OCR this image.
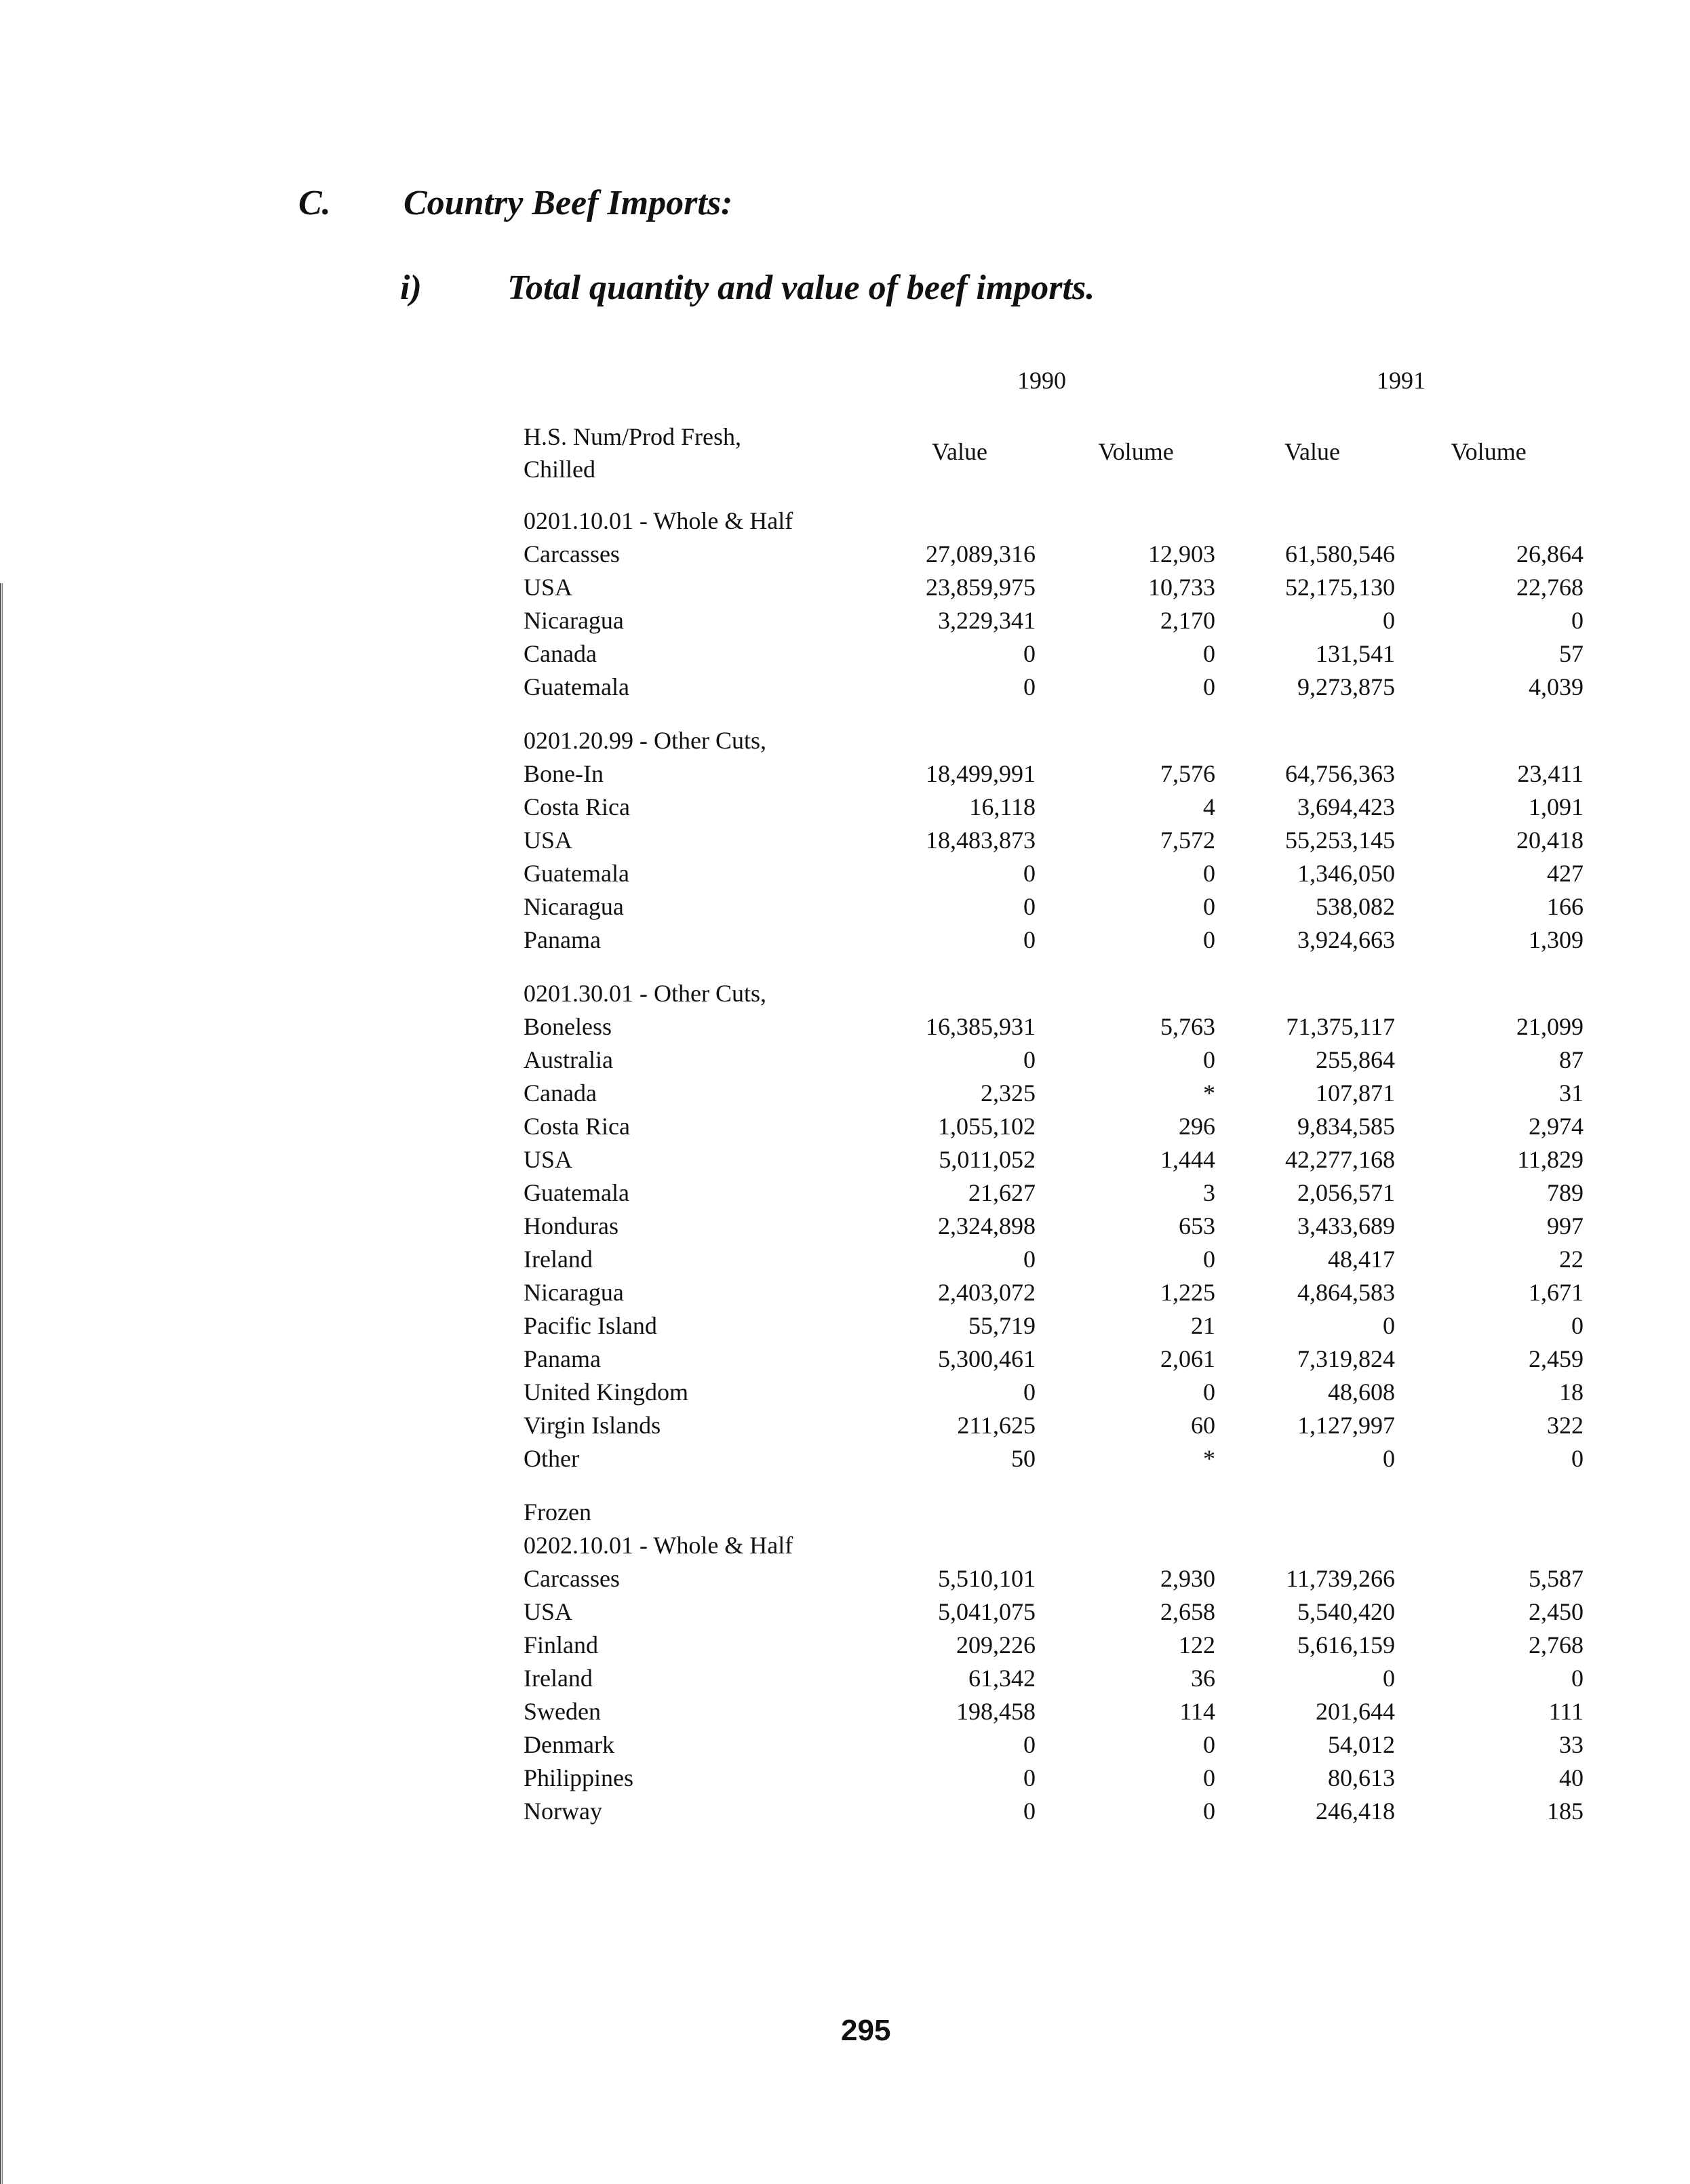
C. Country Beef Imports:
i) Total quantity and value of beef imports.
1990	1991
H.S. Num/Prod Fresh,
Chilled
Value	Volume	Value	Volume
0201.10.01 - Whole & Half
Carcasses	27,089,316	12,903	61,580,546	26,864
USA	23,859,975	10,733	52,175,130	22,768
Nicaragua	3,229,341	2,170	0	0
Canada	0	0	131,541	57
Guatemala	0	0	9,273,875	4,039
0201.20.99 - Other Cuts,
Bone-In	18,499,991	7,576	64,756,363	23,411
Costa Rica	16,118	4	3,694,423	1,091
USA	18,483,873	7,572	55,253,145	20,418
Guatemala	0	0	1,346,050	427
Nicaragua	0	0	538,082	166
Panama	0	0	3,924,663	1,309
0201.30.01 - Other Cuts,
Boneless	16,385,931	5,763	71,375,117	21,099
Australia	0	0	255,864	87
Canada	2,325	*	107,871	31
Costa Rica	1,055,102	296	9,834,585	2,974
USA	5,011,052	1,444	42,277,168	11,829
Guatemala	21,627	3	2,056,571	789
Honduras	2,324,898	653	3,433,689	997
Ireland	0	0	48,417	22
Nicaragua	2,403,072	1,225	4,864,583	1,671
Pacific Island	55,719	21	0	0
Panama	5,300,461	2,061	7,319,824	2,459
United Kingdom	0	0	48,608	18
Virgin Islands	211,625	60	1,127,997	322
Other	50	*	0	0
Frozen
0202.10.01 - Whole & Half
Carcasses	5,510,101	2,930	11,739,266	5,587
USA	5,041,075	2,658	5,540,420	2,450
Finland	209,226	122	5,616,159	2,768
Ireland	61,342	36	0	0
Sweden	198,458	114	201,644	111
Denmark	0	0	54,012	33
Philippines	0	0	80,613	40
Norway	0	0	246,418	185
295
